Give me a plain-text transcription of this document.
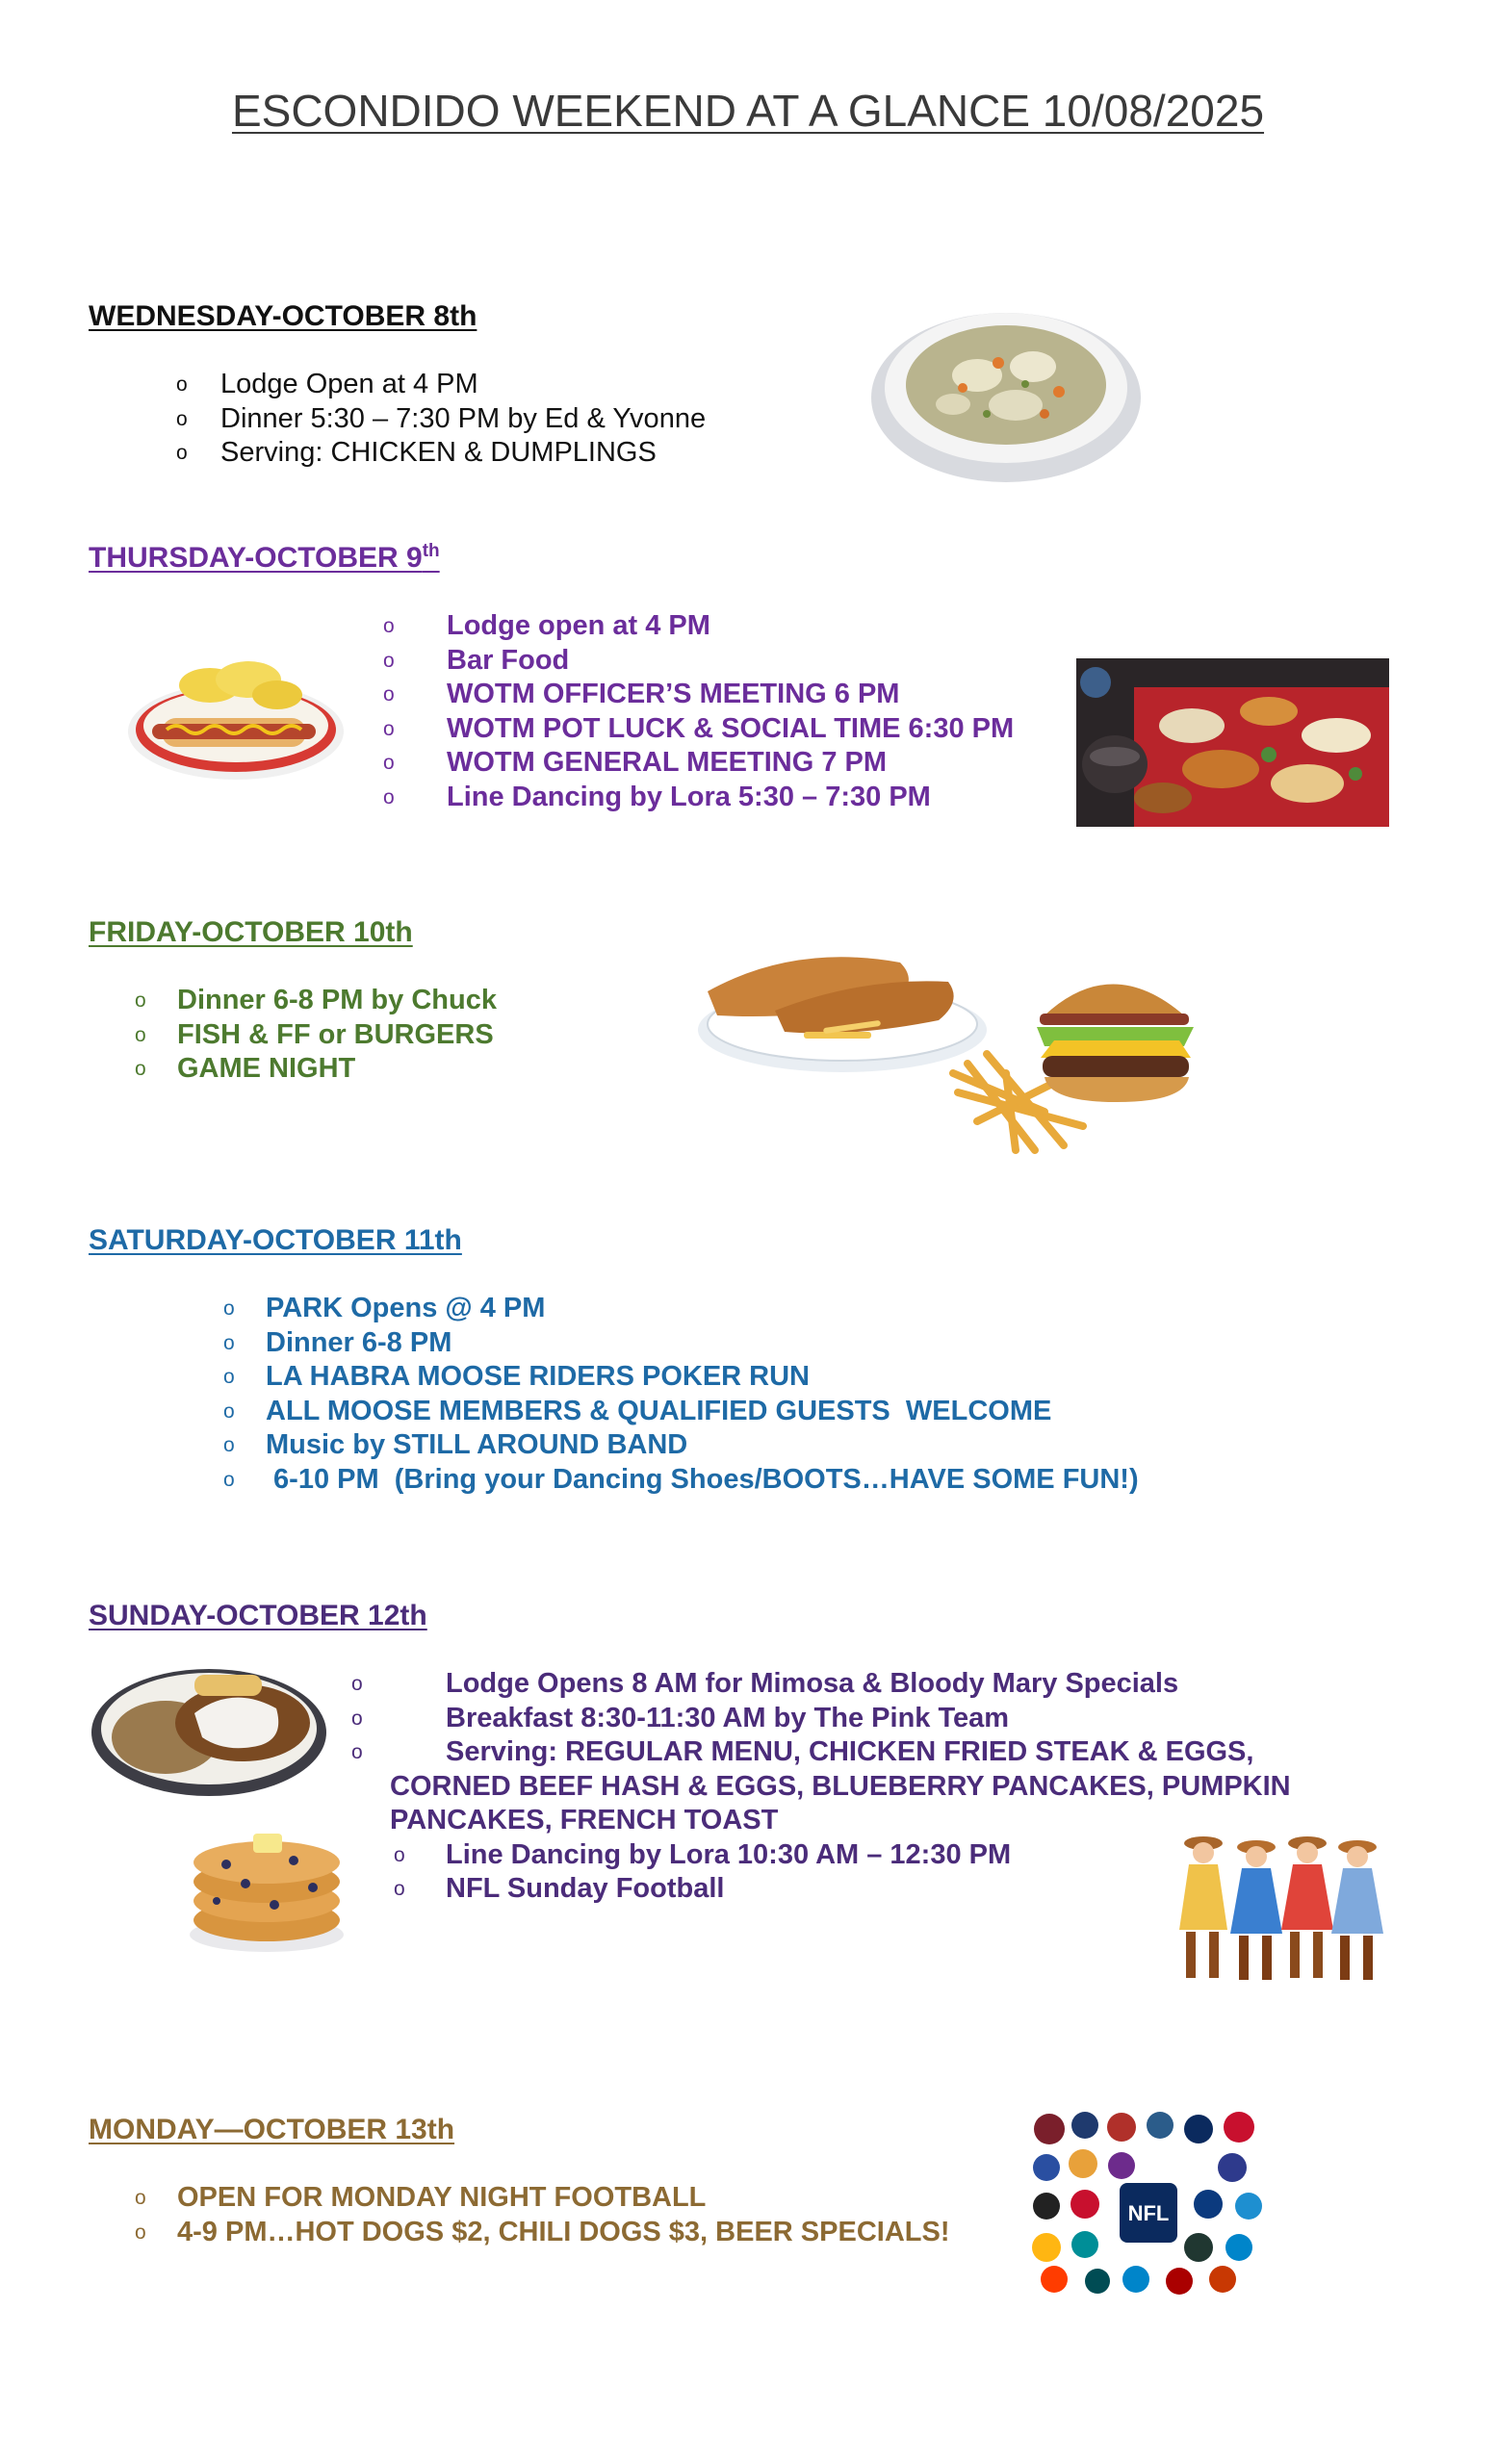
ESCONDIDO WEEKEND AT A GLANCE 10/08/2025
WEDNESDAY-OCTOBER 8th
o Lodge Open at 4 PM
o Dinner 5:30 – 7:30 PM by Ed & Yvonne
o Serving: CHICKEN & DUMPLINGS
THURSDAY-OCTOBER 9th
o Lodge open at 4 PM
o Bar Food
o WOTM OFFICER’S MEETING 6 PM
o WOTM POT LUCK & SOCIAL TIME 6:30 PM
o WOTM GENERAL MEETING 7 PM
o Line Dancing by Lora 5:30 – 7:30 PM
FRIDAY-OCTOBER 10th
o Dinner 6-8 PM by Chuck
o FISH & FF or BURGERS
o GAME NIGHT
SATURDAY-OCTOBER 11th
o PARK Opens @ 4 PM
o Dinner 6-8 PM
o LA HABRA MOOSE RIDERS POKER RUN
o ALL MOOSE MEMBERS & QUALIFIED GUESTS  WELCOME
o Music by STILL AROUND BAND
o 6-10 PM  (Bring your Dancing Shoes/BOOTS…HAVE SOME FUN!)
SUNDAY-OCTOBER 12th
o	Lodge Opens 8 AM for Mimosa & Bloody Mary Specials
o	Breakfast 8:30-11:30 AM by The Pink Team
o	Serving: REGULAR MENU, CHICKEN FRIED STEAK & EGGS,
CORNED BEEF HASH & EGGS, BLUEBERRY PANCAKES, PUMPKIN
PANCAKES, FRENCH TOAST
o Line Dancing by Lora 10:30 AM – 12:30 PM
o NFL Sunday Football
MONDAY—OCTOBER 13th
o OPEN FOR MONDAY NIGHT FOOTBALL
o 4-9 PM…HOT DOGS $2, CHILI DOGS $3, BEER SPECIALS!
NFL
